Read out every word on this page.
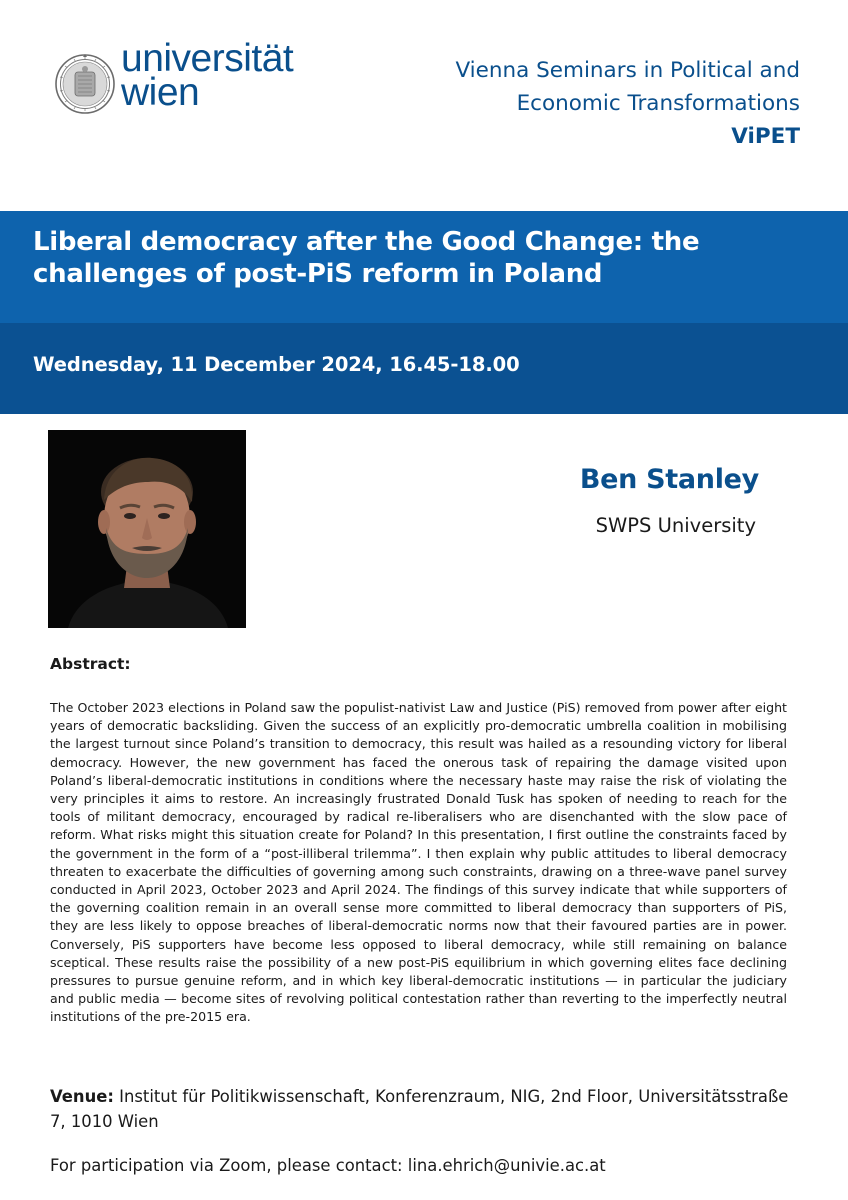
universität
wien
Vienna Seminars in Political and
Economic Transformations
ViPET
Liberal democracy after the Good Change: the challenges of post-PiS reform in Poland
Wednesday, 11 December 2024, 16.45-18.00
Ben Stanley
SWPS University
Abstract:
The October 2023 elections in Poland saw the populist-nativist Law and Justice (PiS) removed from power after eight years of democratic backsliding. Given the success of an explicitly pro-democratic umbrella coalition in mobilising the largest turnout since Poland’s transition to democracy, this result was hailed as a resounding victory for liberal democracy. However, the new government has faced the onerous task of repairing the damage visited upon Poland’s liberal-democratic institutions in conditions where the necessary haste may raise the risk of violating the very principles it aims to restore. An increasingly frustrated Donald Tusk has spoken of needing to reach for the tools of militant democracy, encouraged by radical re-liberalisers who are disenchanted with the slow pace of reform. What risks might this situation create for Poland? In this presentation, I first outline the constraints faced by the government in the form of a “post-illiberal trilemma”. I then explain why public attitudes to liberal democracy threaten to exacerbate the difficulties of governing among such constraints, drawing on a three-wave panel survey conducted in April 2023, October 2023 and April 2024. The findings of this survey indicate that while supporters of the governing coalition remain in an overall sense more committed to liberal democracy than supporters of PiS, they are less likely to oppose breaches of liberal-democratic norms now that their favoured parties are in power. Conversely, PiS supporters have become less opposed to liberal democracy, while still remaining on balance sceptical. These results raise the possibility of a new post-PiS equilibrium in which governing elites face declining pressures to pursue genuine reform, and in which key liberal-democratic institutions — in particular the judiciary and public media — become sites of revolving political contestation rather than reverting to the imperfectly neutral institutions of the pre-2015 era.
Venue: Institut für Politikwissenschaft, Konferenzraum, NIG, 2nd Floor, Universitätsstraße 7, 1010 Wien
For participation via Zoom, please contact: lina.ehrich@univie.ac.at
